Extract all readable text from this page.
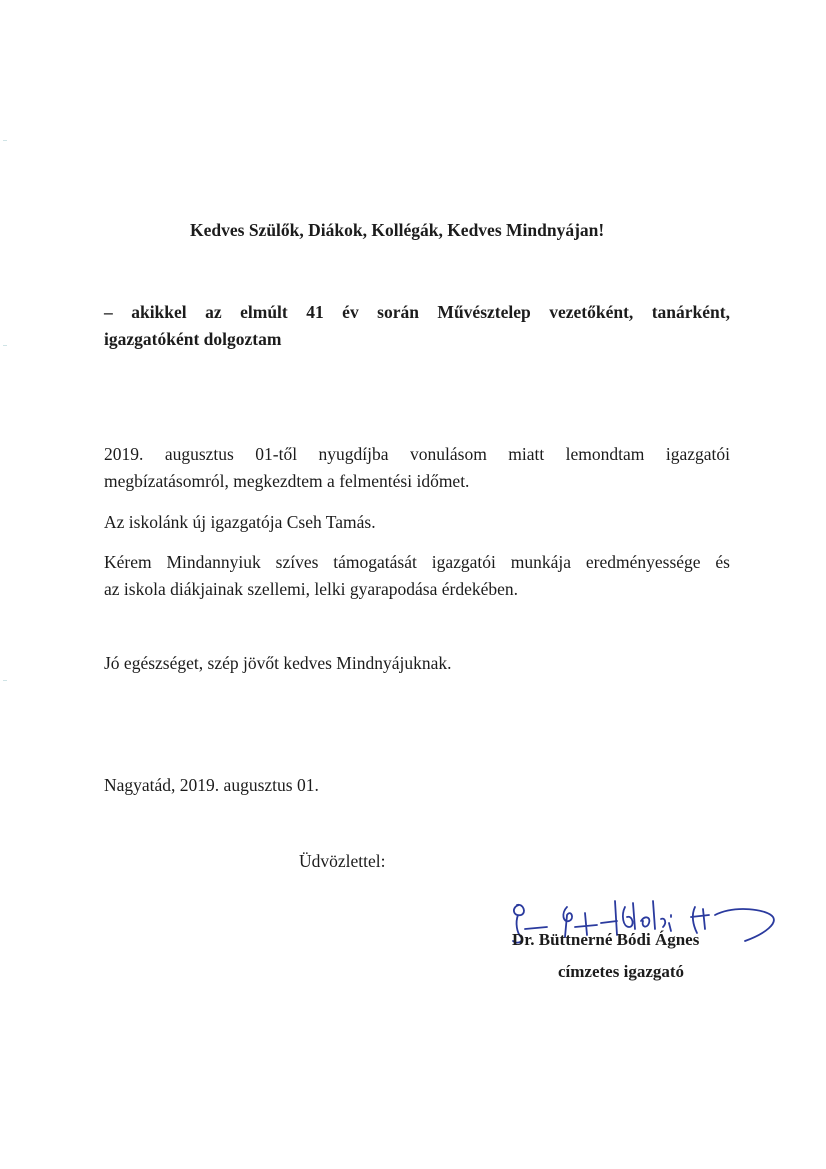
Kedves Szülők, Diákok, Kollégák, Kedves Mindnyájan!
– akikkel az elmúlt 41 év során Művésztelep vezetőként, tanárként,
igazgatóként dolgoztam
2019. augusztus 01-től nyugdíjba vonulásom miatt lemondtam igazgatói
megbízatásomról, megkezdtem a felmentési időmet.
Az iskolánk új igazgatója Cseh Tamás.
Kérem Mindannyiuk szíves támogatását igazgatói munkája eredményessége és
az iskola diákjainak szellemi, lelki gyarapodása érdekében.
Jó egészséget, szép jövőt kedves Mindnyájuknak.
Nagyatád, 2019. augusztus 01.
Üdvözlettel:
Dr. Büttnerné Bódi Ágnes
címzetes igazgató
